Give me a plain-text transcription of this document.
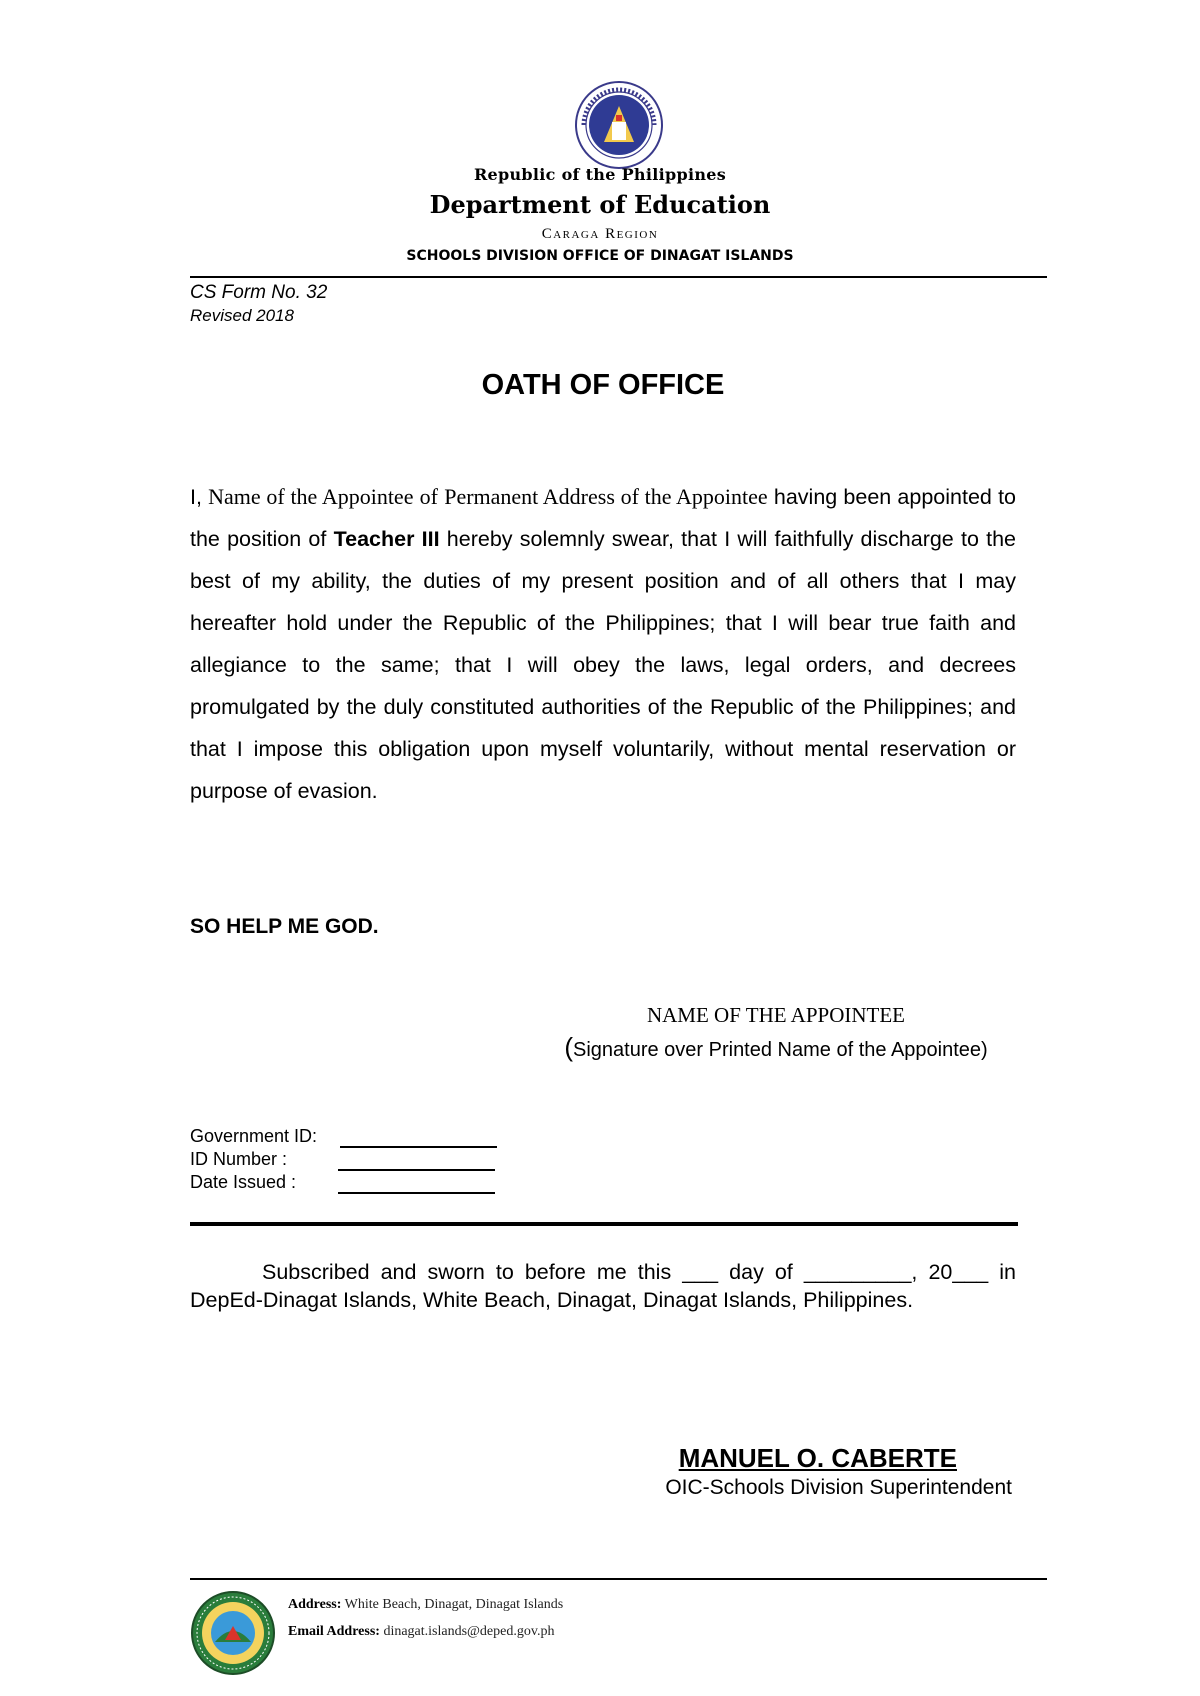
Republic of the Philippines
Department of Education
Caraga Region
SCHOOLS DIVISION OFFICE OF DINAGAT ISLANDS
CS Form No. 32
Revised 2018
OATH OF OFFICE
I, Name of the Appointee of Permanent Address of the Appointee having been appointed to the position of Teacher III hereby solemnly swear, that I will faithfully discharge to the best of my ability, the duties of my present position and of all others that I may hereafter hold under the Republic of the Philippines; that I will bear true faith and allegiance to the same; that I will obey the laws, legal orders, and decrees promulgated by the duly constituted authorities of the Republic of the Philippines; and that I impose this obligation upon myself voluntarily, without mental reservation or purpose of evasion.
SO HELP ME GOD.
NAME OF THE APPOINTEE
(Signature over Printed Name of the Appointee)
Government ID:
ID Number :
Date Issued :
Subscribed and sworn to before me this ___ day of _________, 20___ in DepEd-Dinagat Islands, White Beach, Dinagat, Dinagat Islands, Philippines.
MANUEL O. CABERTE
OIC-Schools Division Superintendent
Address: White Beach, Dinagat, Dinagat Islands
Email Address: dinagat.islands@deped.gov.ph
